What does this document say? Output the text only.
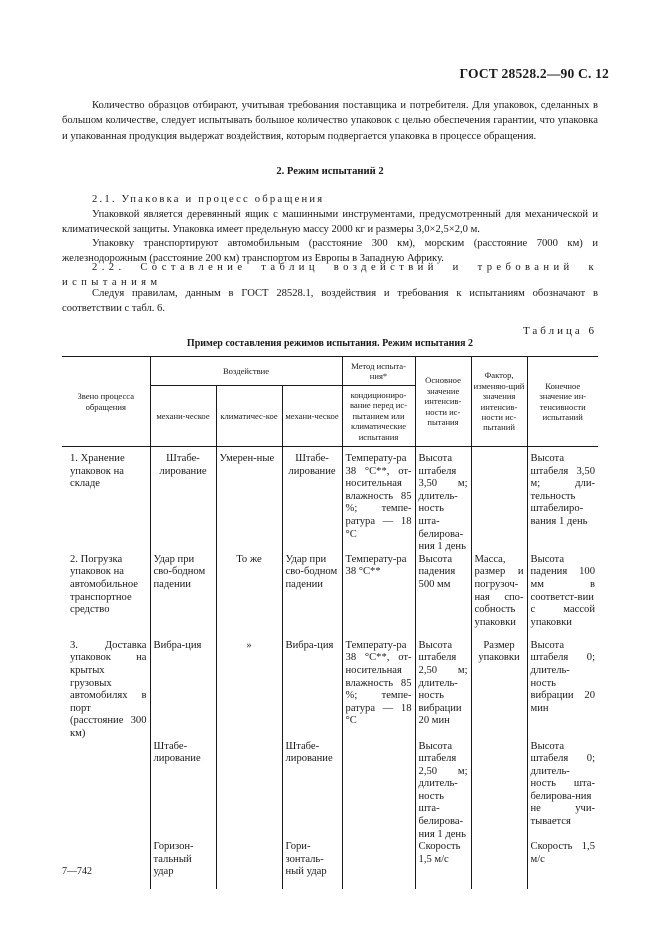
ГОСТ 28528.2—90 С. 12

Количество образцов отбирают, учитывая требования поставщика и потребителя. Для упаковок, сделанных в большом количестве, следует испытывать большое количество упаковок с целью обеспечения гарантии, что упаковка и упакованная продукция выдержат воздействия, которым подвергается упаковка в процессе обращения.

2. Режим испытаний 2

2.1. Упаковка и процесс обращения

Упаковкой является деревянный ящик с машинными инструментами, предусмотренный для механической и климатической защиты. Упаковка имеет предельную массу 2000 кг и размеры 3,0×2,5×2,0 м.

Упаковку транспортируют автомобильным (расстояние 300 км), морским (расстояние 7000 км) и железнодорожным (расстояние 200 км) транспортом из Европы в Западную Африку.

2.2. Составление таблиц воздействий и требований к испытаниям

Следуя правилам, данным в ГОСТ 28528.1, воздействия и требования к испытаниям обозначают в соответствии с табл. 6.

Таблица 6
Пример составления режимов испытания. Режим испытания 2
Звено процесса обращения	Воздействие			Метод испыта-ния*	Основное значение интенсив-ности ис-пытания	Фактор, изменяю-щий значения интенсив-ности ис-пытаний	Конечное значение ин-тенсивности испытаний
	механи-ческое	климатичес-кое	механи-ческое	кондициониро-вание перед ис-пытанием или климатические испытания			

1. Хранение упаковок на складе	Штабе-лирование	Умерен-ные	Штабе-лирование	Температу-ра 38 °С**, от-носительная влажность 85 %; темпе-ратура — 18 °С	Высота штабеля 3,50 м; длитель-ность шта-белирова-ния 1 день		Высота штабеля 3,50 м; дли-тельность штабелиро-вания 1 день
2. Погрузка упаковок на автомобильное транспортное средство	Удар при сво-бодном падении	То же	Удар при сво-бодном падении	Температу-ра 38 °С**	Высота падения 500 мм	Масса, размер и погрузоч-ная спо-собность упаковки	Высота падения 100 мм в соответст-вии с массой упаковки
3. Доставка упаковок на крытых грузовых автомобилях в порт (расстояние 300 км)	Вибра-ция	»	Вибра-ция	Температу-ра 38 °С**, от-носительная влажность 85 %; темпе-ратура — 18 °С	Высота штабеля 2,50 м; длитель-ность вибрации 20 мин	Размер упаковки	Высота штабеля 0; длитель-ность вибрации 20 мин
	Штабе-лирование		Штабе-лирование		Высота штабеля 2,50 м; длитель-ность шта-белирова-ния 1 день		Высота штабеля 0; длитель-ность шта-белирова-ния не учи-тывается
	Горизон-тальный удар		Гори-зонталь-ный удар		Скорость 1,5 м/с		Скорость 1,5 м/с
7—742
